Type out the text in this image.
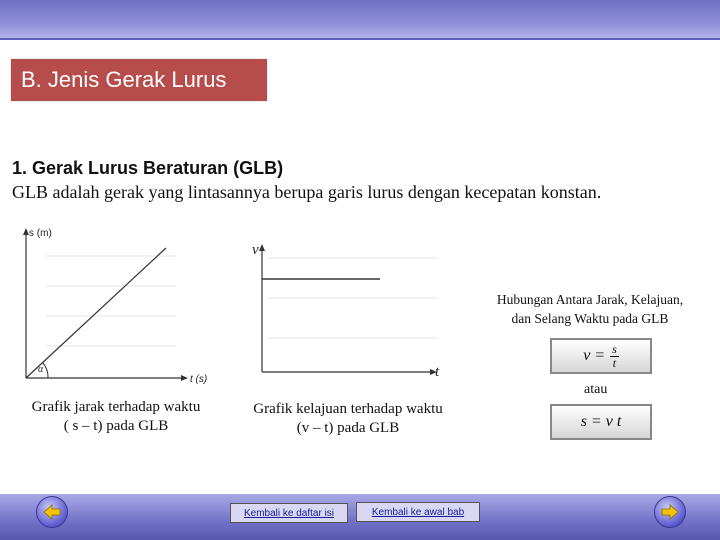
B. Jenis Gerak Lurus
1. Gerak Lurus Beraturan (GLB)
GLB adalah gerak yang lintasannya berupa garis lurus dengan kecepatan konstan.
s (m)
t (s)
α
Grafik jarak terhadap waktu
( s – t) pada GLB
v
t
Grafik kelajuan terhadap waktu
(v – t) pada GLB
Hubungan Antara Jarak, Kelajuan,
dan Selang Waktu pada GLB
$v = \frac{s}{t}$
atau
s = v t
Kembali ke daftar isi	Kembali ke awal bab
